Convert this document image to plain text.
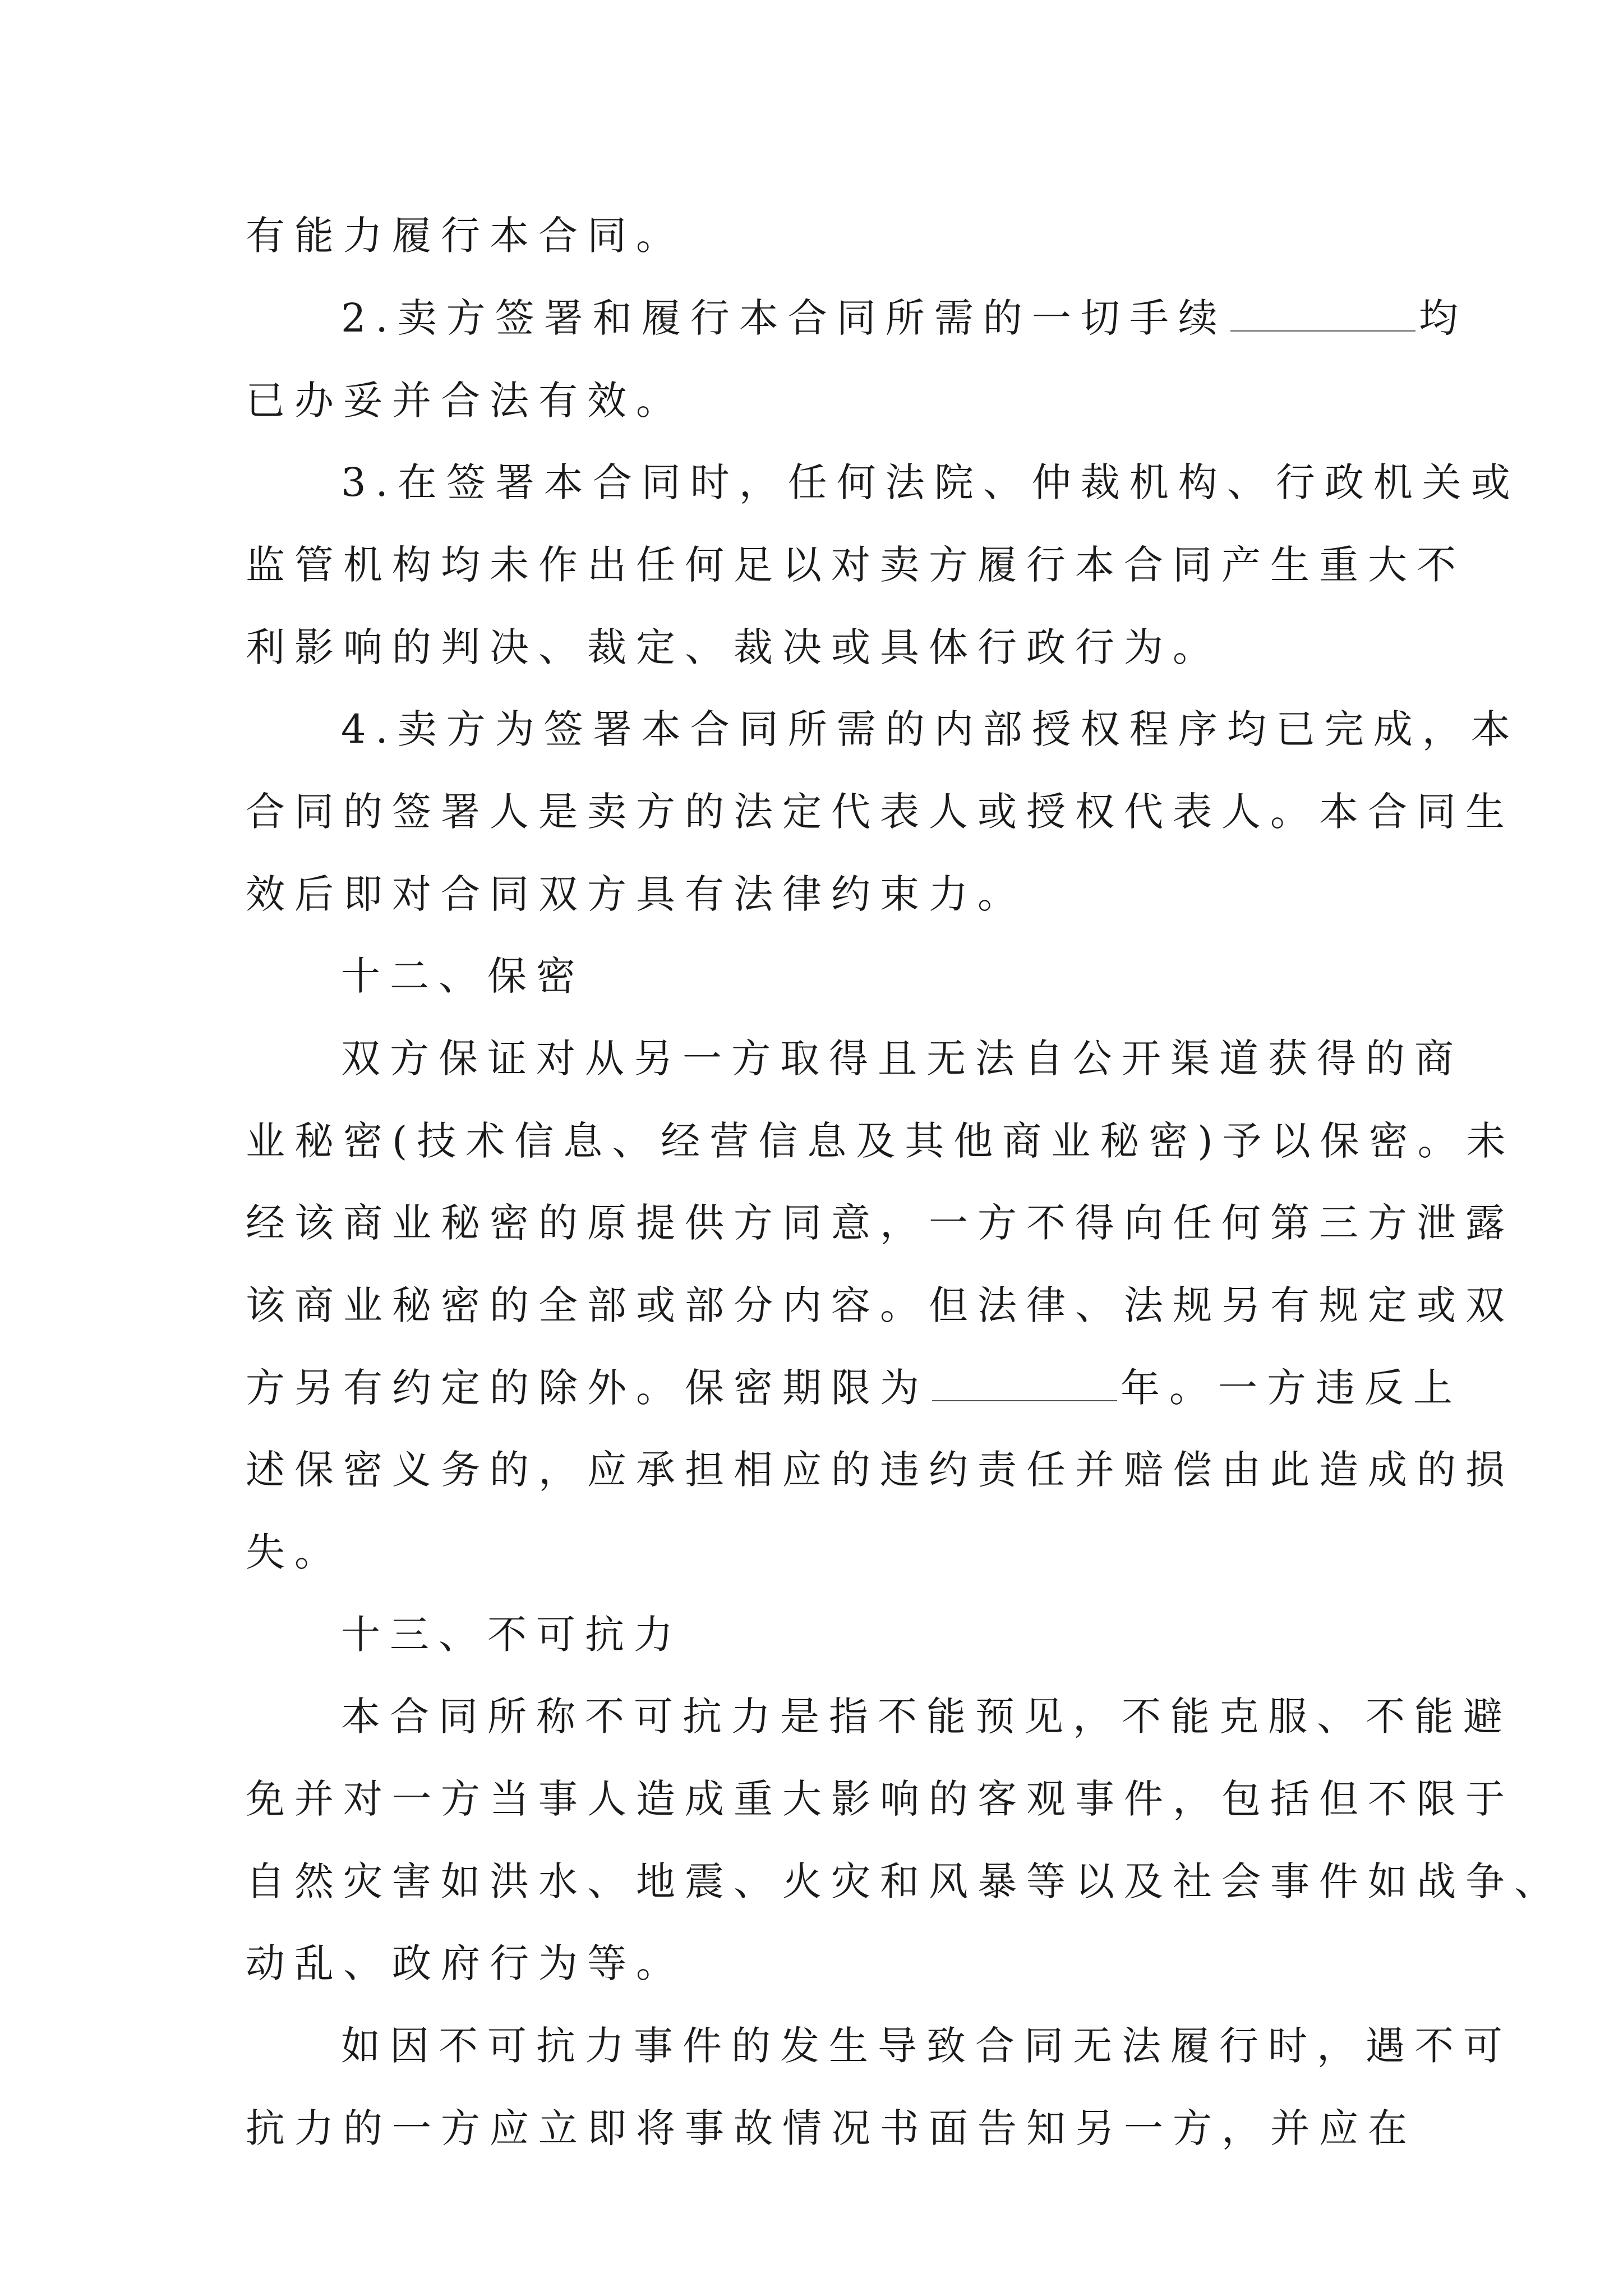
有能力履行本合同。
2.卖方签署和履行本合同所需的一切手续	均
已办妥并合法有效。
3.在签署本合同时，任何法院、仲裁机构、行政机关或
监管机构均未作出任何足以对卖方履行本合同产生重大不
利影响的判决、裁定、裁决或具体行政行为。
4.卖方为签署本合同所需的内部授权程序均已完成，本
合同的签署人是卖方的法定代表人或授权代表人。本合同生
效后即对合同双方具有法律约束力。
十二、保密
双方保证对从另一方取得且无法自公开渠道获得的商
业秘密(技术信息、经营信息及其他商业秘密)予以保密。未
经该商业秘密的原提供方同意，一方不得向任何第三方泄露
该商业秘密的全部或部分内容。但法律、法规另有规定或双
方另有约定的除外。保密期限为	年。一方违反上
述保密义务的，应承担相应的违约责任并赔偿由此造成的损
失。
十三、不可抗力
本合同所称不可抗力是指不能预见，不能克服、不能避
免并对一方当事人造成重大影响的客观事件，包括但不限于
自然灾害如洪水、地震、火灾和风暴等以及社会事件如战争、
动乱、政府行为等。
如因不可抗力事件的发生导致合同无法履行时，遇不可
抗力的一方应立即将事故情况书面告知另一方，并应在
